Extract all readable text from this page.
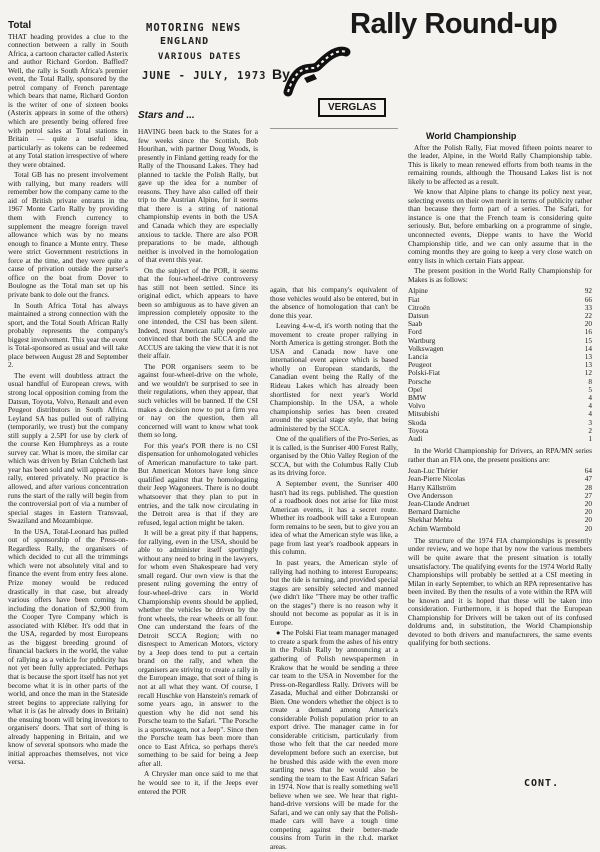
MOTORING NEWS
ENGLAND
VARIOUS DATES
JUNE - JULY, 1973
Rally Round-up
By
VERGLAS
Total

THAT heading provides a clue to the connection between a rally in South Africa, a cartoon character called Asterix and author Richard Gordon. Baffled? Well, the rally is South Africa's premier event, the Total Rally, sponsored by the petrol company of French parentage which bears that name, Richard Gordon is the writer of one of sixteen books (Asterix appears in some of the others) which are presently being offered free with petrol sales at Total stations in Britain — quite a useful idea, particularly as tokens can be redeemed at any Total station irrespective of where they were obtained.

Total GB has no present involvement with rallying, but many readers will remember how the company came to the aid of British private entrants in the 1967 Monte Carlo Rally by providing them with French currency to supplement the meagre foreign travel allowance which was by no means enough to finance a Monte entry. These were strict Government restrictions in force at the time, and they were quite a cause of privation outside the purser's office on the boat from Dover to Boulogne as the Total man set up his private bank to dole out the francs.

In South Africa Total has always maintained a strong connection with the sport, and the Total South African Rally probably represents the company's biggest involvement. This year the event is Total-sponsored as usual and will take place between August 28 and September 2.

The event will doubtless attract the usual handful of European crews, with strong local opposition coming from the Datsun, Toyota, Volvo, Renault and even Peugeot distributors in South Africa. Leyland SA has pulled out of rallying (temporarily, we trust) but the company still supply a 2.5PI for use by clerk of the course Ken Humphreys as a route survey car. What is more, the similar car which was driven by Brian Culcheth last year has been sold and will appear in the rally, entered privately. No practice is allowed, and after various concentration runs the start of the rally will begin from the controversial port of via a number of special stages in Eastern Transvaal, Swaziland and Mozambique.

In the USA, Total-Leonard has pulled out of sponsorship of the Press-on-Regardless Rally, the organisers of which decided to cut all the trimmings which were not absolutely vital and to finance the event from entry fees alone. Prize money would be reduced drastically in that case, but already various offers have been coming in, including the donation of $2,900 from the Cooper Tyre Company which is associated with Kléber. It's odd that in the USA, regarded by most Europeans as the biggest breeding ground of financial backers in the world, the value of rallying as a vehicle for publicity has not yet been fully appreciated. Perhaps that is because the sport itself has not yet become what it is in other parts of the world, and once the man in the Stateside street begins to appreciate rallying for what it is (as he already does in Britain) the ensuing boom will bring investors to organisers' doors. That sort of thing is already happening in Britain, and we know of several sponsors who made the initial approaches themselves, not vice versa.

Stars and ...

HAVING been back to the States for a few weeks since the Scottish, Bob Hourihan, with partner Doug Woods, is presently in Finland getting ready for the Rally of the Thousand Lakes. They had planned to tackle the Polish Rally, but gave up the idea for a number of reasons. They have also called off their trip to the Austrian Alpine, for it seems that there is a string of national championship events in both the USA and Canada which they are especially anxious to tackle. There are also POR preparations to be made, although neither is involved in the homologation of that event this year.

On the subject of the POR, it seems that the four-wheel-drive controversy has still not been settled. Since its original edict, which appears to have been so ambiguous as to have given an impression completely opposite to the one intended, the CSI has been silent. Indeed, most American rally people are convinced that both the SCCA and the ACCUS are taking the view that it is not their affair.

The POR organisers seem to be against four-wheel-drive on the whole, and we wouldn't be surprised to see in their regulations, when they appear, that such vehicles will be banned. If the CSI makes a decision now to put a firm yea or nay on the question, then all concerned will want to know what took them so long.

For this year's POR there is no CSI dispensation for unhomologated vehicles of American manufacture to take part. But American Motors have long since qualified against that by homologating their Jeep Wagoneers. There is no doubt whatsoever that they plan to put in entries, and the talk now circulating in the Detroit area is that if they are refused, legal action might be taken.

It will be a great pity if that happens, for rallying, even in the USA, should be able to administer itself sportingly without any need to bring in the lawyers, for whom even Shakespeare had very small regard. Our own view is that the present ruling governing the entry of four-wheel-drive cars in World Championship events should be applied, whether the vehicles be driven by the front wheels, the rear wheels or all four. One can understand the fears of the Detroit SCCA Region; with no disrespect to American Motors, victory by a Jeep does tend to put a certain brand on the rally, and when the organisers are striving to create a rally in the European image, that sort of thing is not at all what they want. Of course, I recall Huschke von Hanstein's remark of some years ago, in answer to the question why he did not send his Porsche team to the Safari. "The Porsche is a sportswagen, not a Jeep". Since then the Porsche team has been more than once to East Africa, so perhaps there's something to be said for being a Jeep after all.

A Chrysler man once said to me that he would see to it, if the Jeeps ever entered the POR

again, that his company's equivalent of those vehicles would also be entered, but in the absence of homologation that can't be done this year.

Leaving 4-w-d, it's worth noting that the movement to create proper rallying in North America is getting stronger. Both the USA and Canada now have one international event apiece which is based wholly on European standards, the Canadian event being the Rally of the Rideau Lakes which has already been shortlisted for next year's World Championship. In the USA, a whole championship series has been created around the special stage style, that being administered by the SCCA.

One of the qualifiers of the Pro-Series, as it is called, is the Sunriser 400 Forest Rally, organised by the Ohio Valley Region of the SCCA, but with the Columbus Rally Club as its driving force.

A September event, the Sunriser 400 hasn't had its regs. published. The question of a roadbook does not arise for like most American events, it has a secret route. Whether its roadbook will take a European form remains to be seen, but to give you an idea of what the American style was like, a page from last year's roadbook appears in this column.

In past years, the American style of rallying had nothing to interest Europeans; but the tide is turning, and provided special stages are sensibly selected and manned (we didn't like "There may be other traffic on the stages") there is no reason why it should not become as popular as it is in Europe.

● The Polski Fiat team manager managed to create a spark from the ashes of his entry in the Polish Rally by announcing at a gathering of Polish newspapermen in Krakow that he would be sending a three car team to the USA in November for the Press-on-Regardless Rally. Drivers will be Zasada, Muchal and either Dobrzanski or Bien. One wonders whether the object is to create a demand among America's considerable Polish population prior to an export drive. The manager came in for considerable criticism, particularly from those who felt that the car needed more development before such an exercise, but he brushed this aside with the even more startling news that he would also be sending the team to the East African Safari in 1974. Now that is really something we'll believe when we see. We hear that right-hand-drive versions will be made for the Safari, and we can only say that the Polish-made cars will have a tough time competing against their better-made cousins from Turin in the r.h.d. market areas.

World Championship

After the Polish Rally, Fiat moved fifteen points nearer to the leader, Alpine, in the World Rally Championship table. This is likely to mean renewed efforts from both teams in the remaining rounds, although the Thousand Lakes list is not likely to be affected as a result.

We know that Alpine plans to change its policy next year, selecting events on their own merit in terms of publicity rather than because they form part of a series. The Safari, for instance is one that the French team is considering quite seriously. But, before embarking on a programme of single, unconnected events, Dieppe wants to have the World Championship title, and we can only assume that in the coming months they are going to keep a very close watch on entry lists in which certain Fiats appear.

The present position in the World Rally Championship for Makes is as follows:

Alpine	92
Fiat	66
Citroën	33
Datsun	22
Saab	20
Ford	16
Wartburg	15
Volkswagen	14
Lancia	13
Peugeot	13
Polski-Fiat	12
Porsche	8
Opel	5
BMW	4
Volvo	4
Mitsubishi	4
Skoda	3
Toyota	2
Audi	1

In the World Championship for Drivers, an RPA/MN series rather than an FIA one, the present positions are:

Jean-Luc Thérier	64
Jean-Pierre Nicolas	47
Harry Källström	28
Ove Andersson	27
Jean-Claude Andruet	20
Bernard Darniche	20
Shekhar Mehta	20
Achim Warmbold	20

The structure of the 1974 FIA championships is presently under review, and we hope that by now the various members will be quite aware that the present situation is totally unsatisfactory. The qualifying events for the 1974 World Rally Championships will probably be settled at a CSI meeting in Milan in early September, to which an RPA representative has been invited. By then the results of a vote within the RPA will be known and it is hoped that these will be taken into consideration. Furthermore, it is hoped that the European Championship for Drivers will be taken out of its confused doldrums and, in substitution, the World Championship devoted to both drivers and manufacturers, the same events qualifying for both sections.

CONT.
